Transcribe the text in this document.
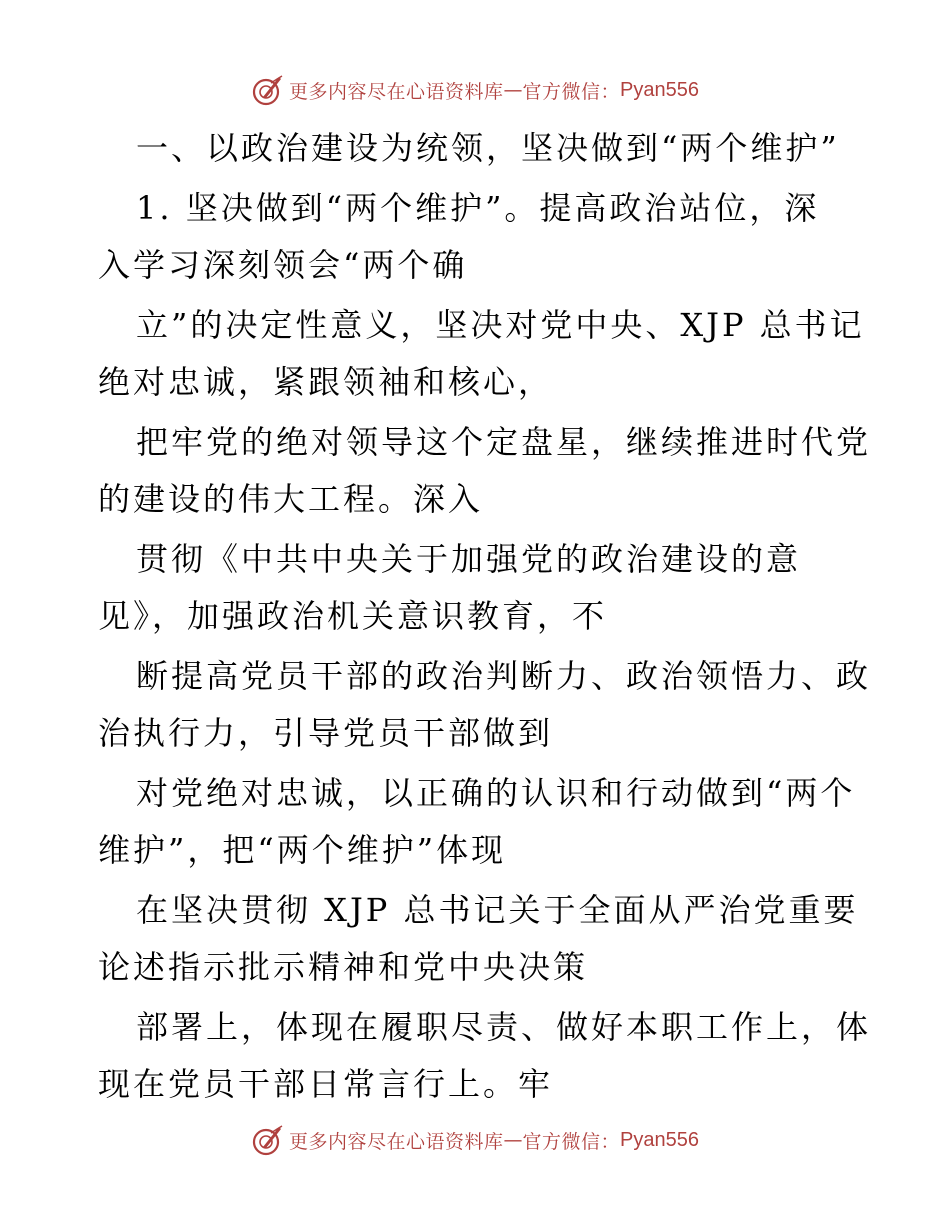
更多内容尽在心语资料库 — 官方微信： Pyan556
一、以政治建设为统领，坚决做到“两个维护”
1. 坚决做到“两个维护”。提高政治站位，深
入学习深刻领会“两个确
立”的决定性意义，坚决对党中央、XJP 总书记
绝对忠诚，紧跟领袖和核心，
把牢党的绝对领导这个定盘星，继续推进时代党
的建设的伟大工程。深入
贯彻《中共中央关于加强党的政治建设的意
见》，加强政治机关意识教育，不
断提高党员干部的政治判断力、政治领悟力、政
治执行力，引导党员干部做到
对党绝对忠诚，以正确的认识和行动做到“两个
维护”，把“两个维护”体现
在坚决贯彻 XJP 总书记关于全面从严治党重要
论述指示批示精神和党中央决策
部署上，体现在履职尽责、做好本职工作上，体
现在党员干部日常言行上。牢
更多内容尽在心语资料库 — 官方微信： Pyan556
